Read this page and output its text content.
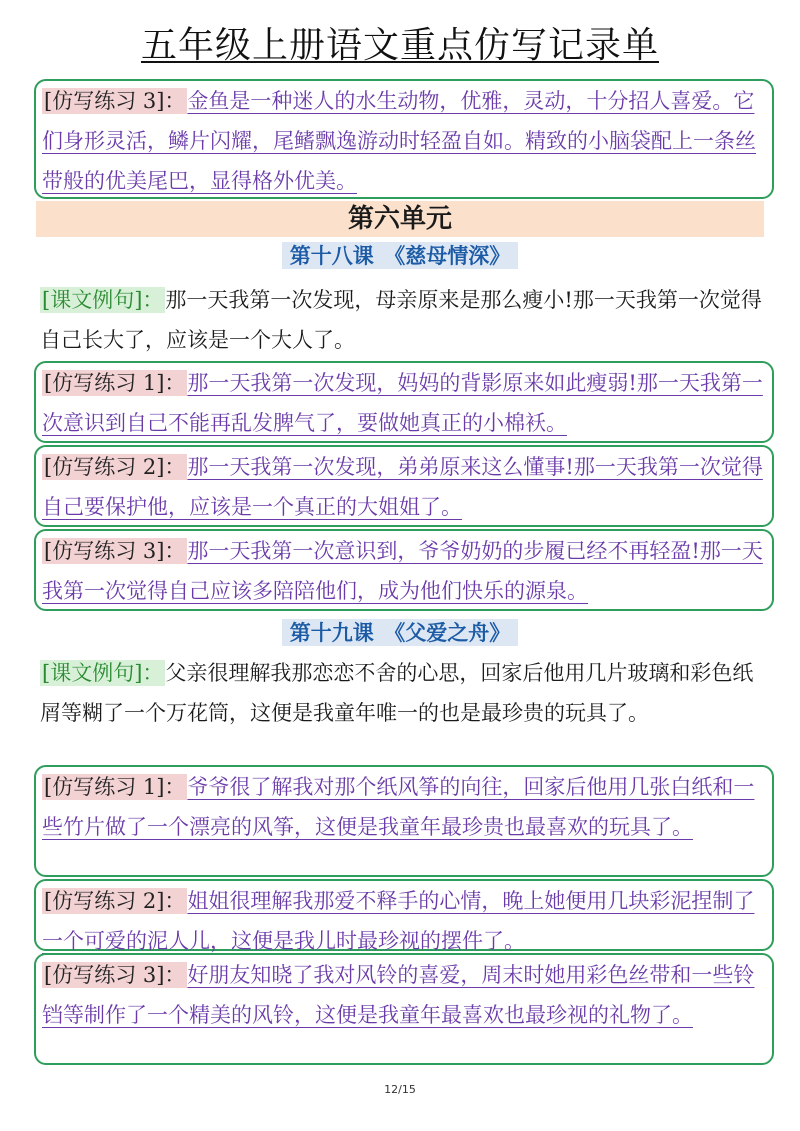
五年级上册语文重点仿写记录单
[仿写练习 3]：金鱼是一种迷人的水生动物，优雅，灵动，十分招人喜爱。它们身形灵活，鳞片闪耀，尾鳍飘逸游动时轻盈自如。精致的小脑袋配上一条丝带般的优美尾巴，显得格外优美。
第六单元
第十八课　《慈母情深》
[课文例句]：那一天我第一次发现，母亲原来是那么瘦小!那一天我第一次觉得自己长大了，应该是一个大人了。
[仿写练习 1]：那一天我第一次发现，妈妈的背影原来如此瘦弱!那一天我第一次意识到自己不能再乱发脾气了，要做她真正的小棉袄。
[仿写练习 2]：那一天我第一次发现，弟弟原来这么懂事!那一天我第一次觉得自己要保护他，应该是一个真正的大姐姐了。
[仿写练习 3]：那一天我第一次意识到，爷爷奶奶的步履已经不再轻盈!那一天我第一次觉得自己应该多陪陪他们，成为他们快乐的源泉。
第十九课　《父爱之舟》
[课文例句]：父亲很理解我那恋恋不舍的心思，回家后他用几片玻璃和彩色纸屑等糊了一个万花筒，这便是我童年唯一的也是最珍贵的玩具了。
[仿写练习 1]：爷爷很了解我对那个纸风筝的向往，回家后他用几张白纸和一些竹片做了一个漂亮的风筝，这便是我童年最珍贵也最喜欢的玩具了。
[仿写练习 2]：姐姐很理解我那爱不释手的心情，晚上她便用几块彩泥捏制了一个可爱的泥人儿，这便是我儿时最珍视的摆件了。
[仿写练习 3]：好朋友知晓了我对风铃的喜爱，周末时她用彩色丝带和一些铃铛等制作了一个精美的风铃，这便是我童年最喜欢也最珍视的礼物了。
12/15
